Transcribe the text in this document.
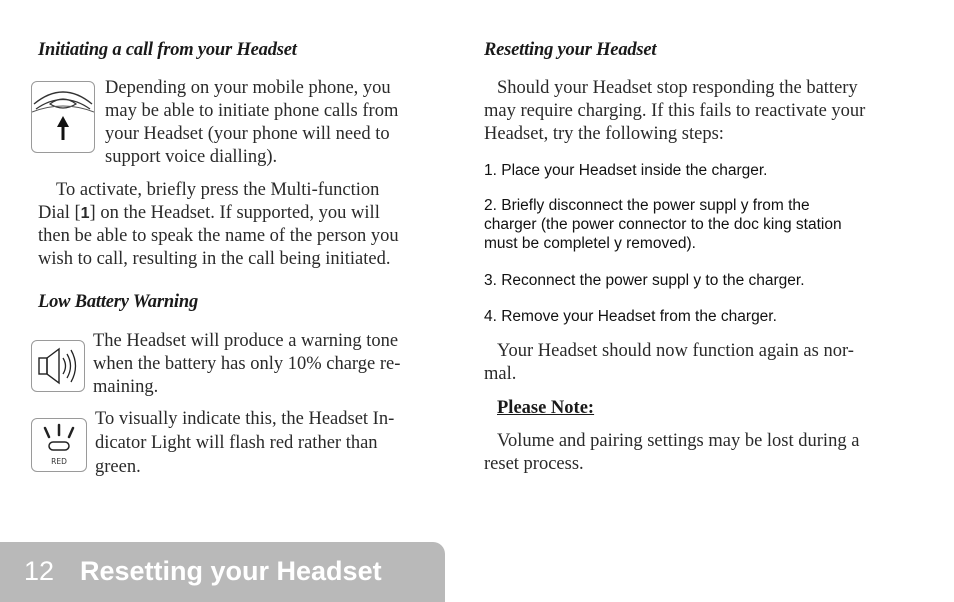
Initiating a call from your Headset
Depending on your mobile phone, you
may be able to initiate phone calls from
your Headset (your phone will need to
support voice dialling).
To activate, briefly press the Multi-function
Dial [1] on the Headset. If supported, you will
then be able to speak the name of the person you
wish to call, resulting in the call being initiated.
Low Battery Warning
The Headset will produce a warning tone
when the battery has only 10% charge re-
maining.
RED
To visually indicate this, the Headset In-
dicator Light will flash red rather than
green.
Resetting your Headset
Should your Headset stop responding the battery
may require charging. If this fails to reactivate your
Headset, try the following steps:
1. Place your Headset inside the charger.
2. Briefly disconnect the power suppl y from the
charger (the power connector to the doc king station
must be completel y removed).
3. Reconnect the power suppl y to the charger.
4. Remove your Headset from the charger.
Your Headset should now function again as nor-
mal.
Please Note:
Volume and pairing settings may be lost during a
reset process.
12 Resetting your Headset
